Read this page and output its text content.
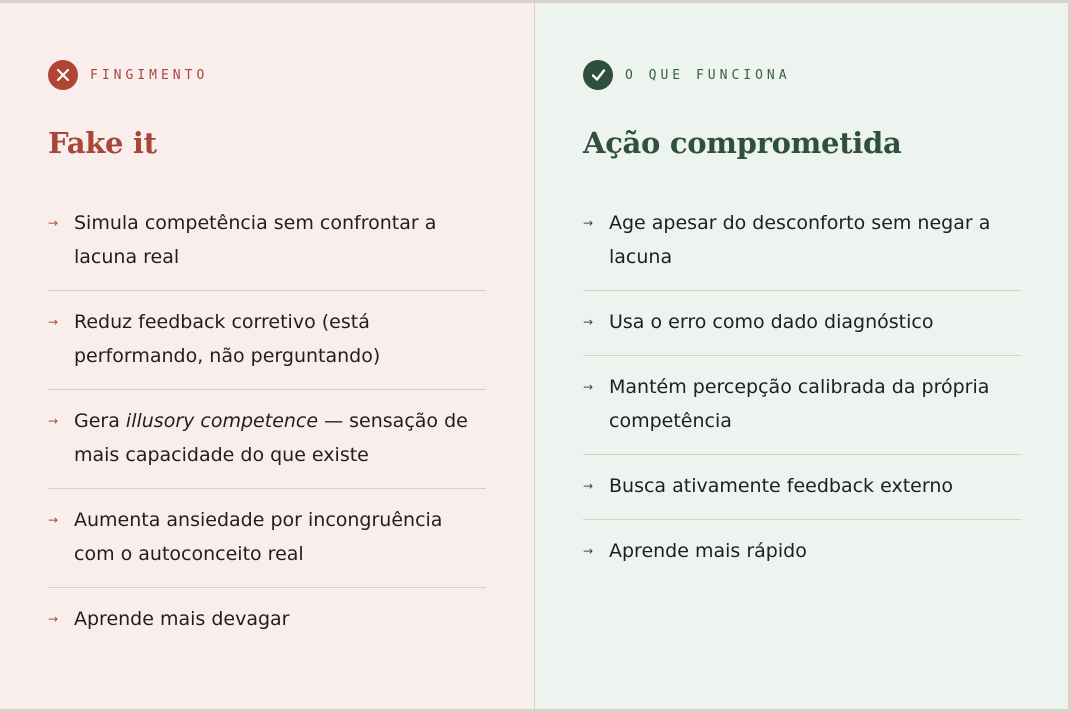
FINGIMENTO
Fake it
→ Simula competência sem confrontar a lacuna real
→ Reduz feedback corretivo (está performando, não perguntando)
→ Gera illusory competence — sensação de mais capacidade do que existe
→ Aumenta ansiedade por incongruência com o autoconceito real
→ Aprende mais devagar
O QUE FUNCIONA
Ação comprometida
→ Age apesar do desconforto sem negar a lacuna
→ Usa o erro como dado diagnóstico
→ Mantém percepção calibrada da própria competência
→ Busca ativamente feedback externo
→ Aprende mais rápido
